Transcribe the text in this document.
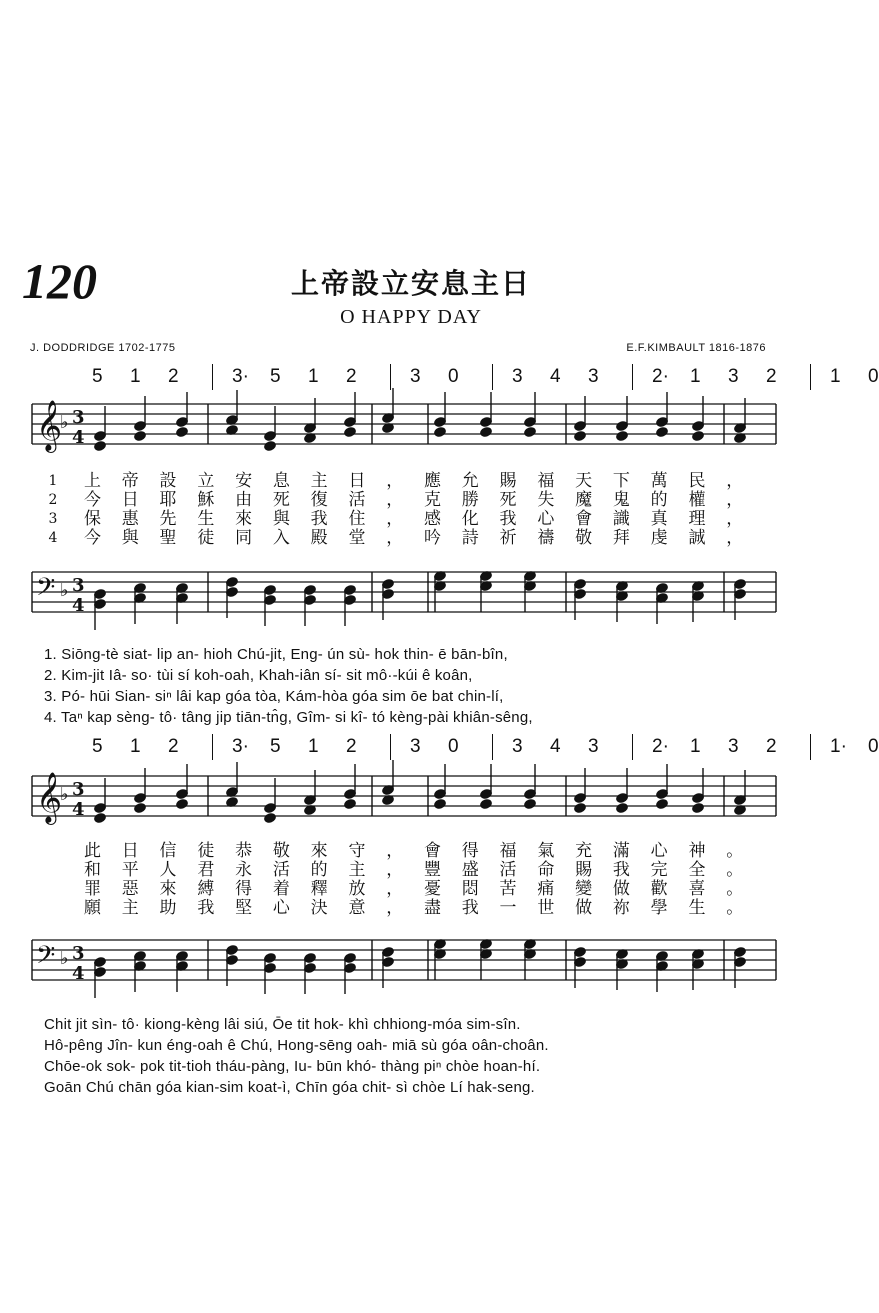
120	上帝設立安息主日
O HAPPY DAY
J. DODDRIDGE 1702-1775	E.F.KIMBAULT 1816-1876
5 1 2	3· 5 1 2	3 0	3 4 3	2· 1 3 2	1 0
𝄞 3
4
♭
1 上帝設立安息主日，應允賜福天下萬民，
2 今日耶穌由死復活，克勝死失魔鬼的權，
3 保惠先生來與我住，感化我心會識真理，
4 今與聖徒同入殿堂，吟詩祈禱敬拜虔誠，
𝄢 3
4
♭
1. Siōng-tè siat- lip an- hioh Chú-jit, Eng- ún sù- hok thin- ē bān-bîn,
2. Kim-jit Iâ- so· tùi sí koh-oah, Khah-iân sí- sit mô·-kúi ê koân,
3. Pó- hūi Sian- siⁿ lâi kap góa tòa, Kám-hòa góa sim ōe bat chin-lí,
4. Taⁿ kap sèng- tô· tâng jip tiān-tn̂g, Gîm- si kî- tó kèng-pài khiân-sêng,
5 1 2	3· 5 1 2	3 0	3 4 3	2· 1 3 2	1· 0
𝄞 3
4
♭
此日信徒恭敬來守，會得福氣充滿心神。
和平人君永活的主，豐盛活命賜我完全。
罪惡來縛得着釋放，憂悶苦痛變做歡喜。
願主助我堅心決意，盡我一世做祢學生。
𝄢 3
4
♭
Chit jit sìn- tô· kiong-kèng lâi siú, Ōe tit hok- khì chhiong-móa sim-sîn.
Hô-pêng Jîn- kun éng-oah ê Chú, Hong-sēng oah- miā sù góa oân-choân.
Chōe-ok sok- pok tit-tioh tháu-pàng, Iu- būn khó- thàng piⁿ chòe hoan-hí.
Goān Chú chān góa kian-sim koat-ì, Chīn góa chit- sì chòe Lí hak-seng.
